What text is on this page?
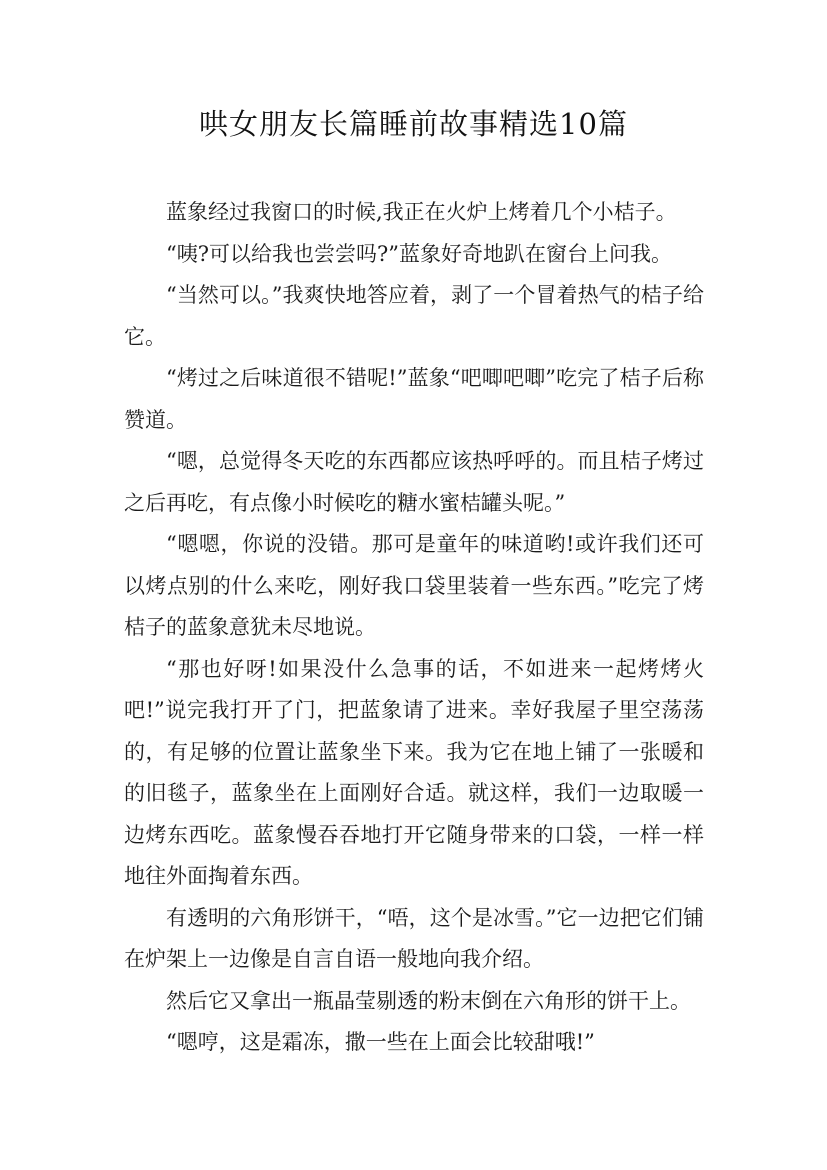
哄女朋友长篇睡前故事精选10篇

蓝象经过我窗口的时候,我正在火炉上烤着几个小桔子。

“咦?可以给我也尝尝吗?”蓝象好奇地趴在窗台上问我。

“当然可以。”我爽快地答应着，剥了一个冒着热气的桔子给它。

“烤过之后味道很不错呢!”蓝象“吧唧吧唧”吃完了桔子后称赞道。

“嗯，总觉得冬天吃的东西都应该热呼呼的。而且桔子烤过之后再吃，有点像小时候吃的糖水蜜桔罐头呢。”

“嗯嗯，你说的没错。那可是童年的味道哟!或许我们还可以烤点别的什么来吃，刚好我口袋里装着一些东西。”吃完了烤桔子的蓝象意犹未尽地说。

“那也好呀!如果没什么急事的话，不如进来一起烤烤火吧!”说完我打开了门，把蓝象请了进来。幸好我屋子里空荡荡的，有足够的位置让蓝象坐下来。我为它在地上铺了一张暖和的旧毯子，蓝象坐在上面刚好合适。就这样，我们一边取暖一边烤东西吃。蓝象慢吞吞地打开它随身带来的口袋，一样一样地往外面掏着东西。

有透明的六角形饼干，“唔，这个是冰雪。”它一边把它们铺在炉架上一边像是自言自语一般地向我介绍。

然后它又拿出一瓶晶莹剔透的粉末倒在六角形的饼干上。

“嗯哼，这是霜冻，撒一些在上面会比较甜哦!”
